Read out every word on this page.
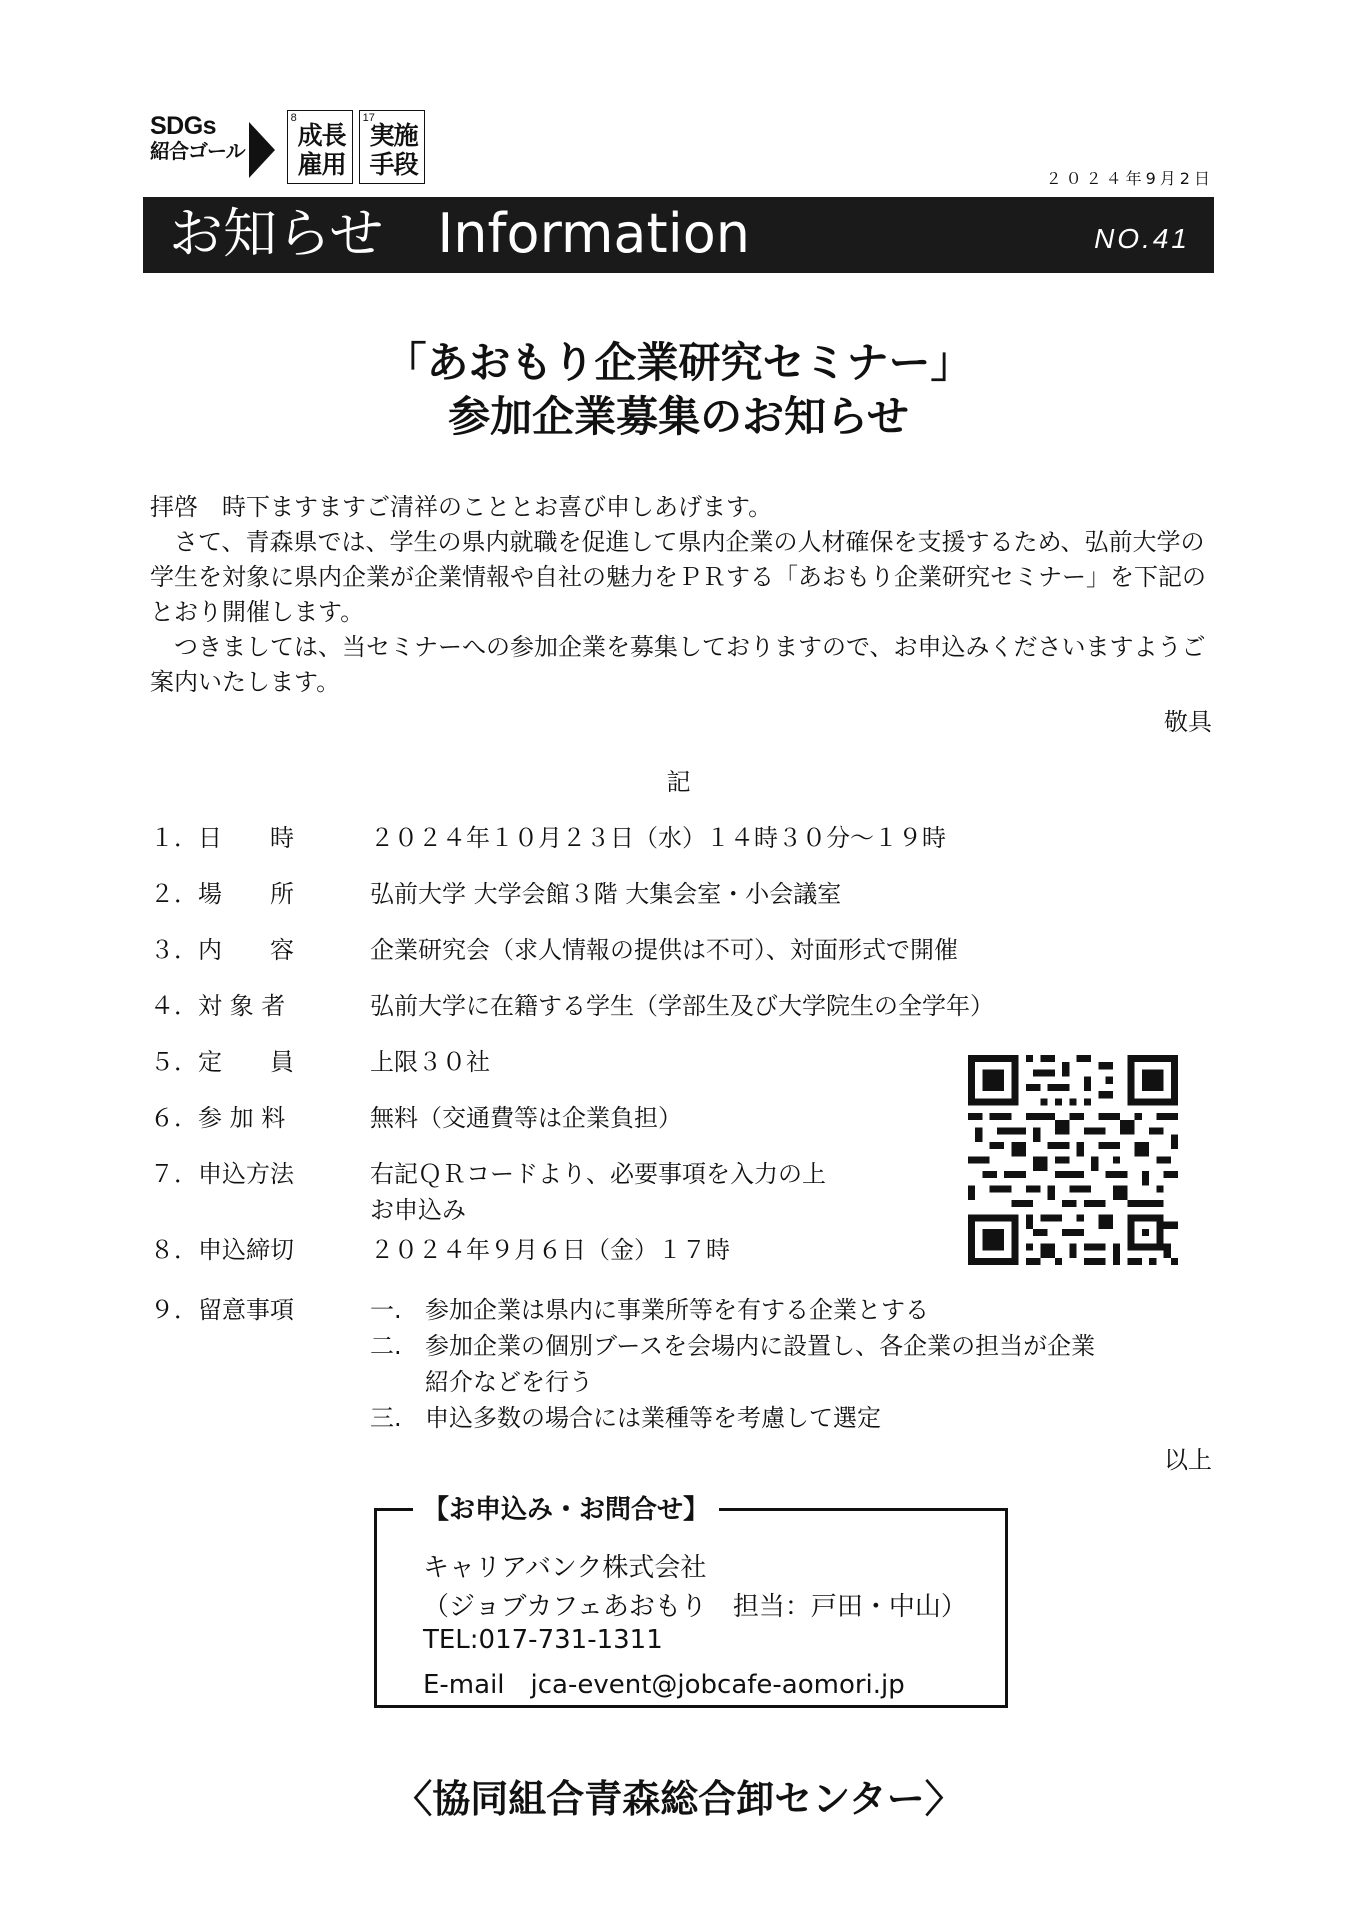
SDGs
紹合ゴール
8
成長
雇用
17
実施
手段	２０２４年9月2日
お知らせ　Information	NO.41
「あおもり企業研究セミナー」
参加企業募集のお知らせ
拝啓　時下ますますご清祥のこととお喜び申しあげます。
さて、青森県では、学生の県内就職を促進して県内企業の人材確保を支援するため、弘前大学の学生を対象に県内企業が企業情報や自社の魅力をＰＲする「あおもり企業研究セミナー」を下記のとおり開催します。
つきましては、当セミナーへの参加企業を募集しておりますので、お申込みくださいますようご案内いたします。
敬具
記
１．日　　時	２０２４年１０月２３日（水）１４時３０分～１９時
２．場　　所	弘前大学 大学会館３階 大集会室・小会議室
３．内　　容	企業研究会（求人情報の提供は不可）、対面形式で開催
４．対 象 者	弘前大学に在籍する学生（学部生及び大学院生の全学年）
５．定　　員	上限３０社
６．参 加 料	無料（交通費等は企業負担）
７．申込方法	右記ＱＲコードより、必要事項を入力の上
お申込み
８．申込締切	２０２４年９月６日（金）１７時
９．留意事項	一. 参加企業は県内に事業所等を有する企業とする
二. 参加企業の個別ブースを会場内に設置し、各企業の担当が企業
紹介などを行う
三. 申込多数の場合には業種等を考慮して選定
以上
【お申込み・お問合せ】
キャリアバンク株式会社
（ジョブカフェあおもり　担当：戸田・中山）
TEL:017-731-1311
E-mail　jca-event@jobcafe-aomori.jp
〈協同組合青森総合卸センター〉
